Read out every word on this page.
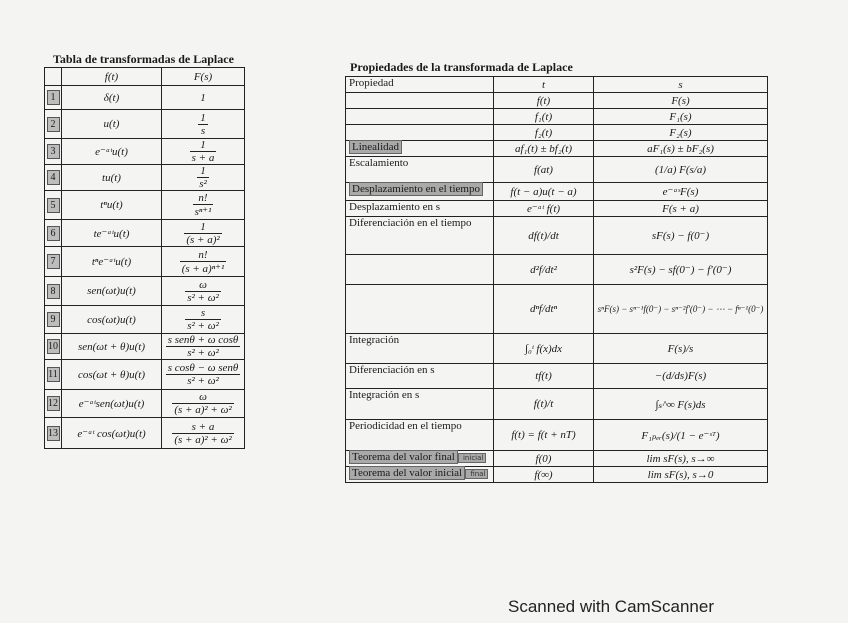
Tabla de transformadas de Laplace
	f(t)	F(s)
1	δ(t)	1
2	u(t)	$\frac{1}{s}$

3	e⁻ᵃᵗu(t)	$\frac{1}{s + a}$

4	tu(t)	$\frac{1}{\text{s²}}$

5	tⁿu(t)	$\frac{n!}{\text{sⁿ⁺¹}}$

6	te⁻ᵃᵗu(t)	$\frac{1}{\text{(s + a)²}}$

7	tⁿe⁻ᵃᵗu(t)	$\frac{n!}{\text{(s + a)ⁿ⁺¹}}$

8	sen(ωt)u(t)	$\frac{\omega}{\text{s² + ω²}}$

9	cos(ωt)u(t)	$\frac{s}{\text{s² + ω²}}$

10	sen(ωt + θ)u(t)	$\frac{\text{s senθ + ω cosθ}}{\text{s² + ω²}}$

11	cos(ωt + θ)u(t)	$\frac{\text{s cosθ − ω senθ}}{\text{s² + ω²}}$

12	e⁻ᵃᵗsen(ωt)u(t)	$\frac{\omega}{\text{(s + a)² + ω²}}$

13	e⁻ᵃᵗ cos(ωt)u(t)	$\frac{s + a}{\text{(s + a)² + ω²}}$
Propiedades de la transformada de Laplace
Propiedad	t	s
	f(t)	F(s)
	f₁(t)	F₁(s)
	f₂(t)	F₂(s)
Linealidad	af₁(t) ± bf₂(t)	aF₁(s) ± bF₂(s)
Escalamiento	f(at)	(1/a) F(s/a)
Desplazamiento en el tiempo	f(t − a)u(t − a)	e⁻ᵃˢF(s)
Desplazamiento en s	e⁻ᵃᵗ f(t)	F(s + a)
Diferenciación en el tiempo	df(t)/dt	sF(s) − f(0⁻)
	d²f/dt²	s²F(s) − sf(0⁻) − f′(0⁻)
	dⁿf/dtⁿ	sⁿF(s) − sⁿ⁻¹f(0⁻) − sⁿ⁻²f′(0⁻) − ⋯ − fⁿ⁻¹(0⁻)
Integración	∫₀ᵗ f(x)dx	F(s)/s
Diferenciación en s	tf(t)	−(d/ds)F(s)
Integración en s	f(t)/t	∫ₛ^∞ F(s)ds
Periodicidad en el tiempo	f(t) = f(t + nT)	F₁ₚₑᵣ(s)/(1 − e⁻ˢᵀ)
Teorema del valor final inicial	f(0)	lim sF(s), s→∞
Teorema del valor inicial final	f(∞)	lim sF(s), s→0
Scanned with CamScanner
